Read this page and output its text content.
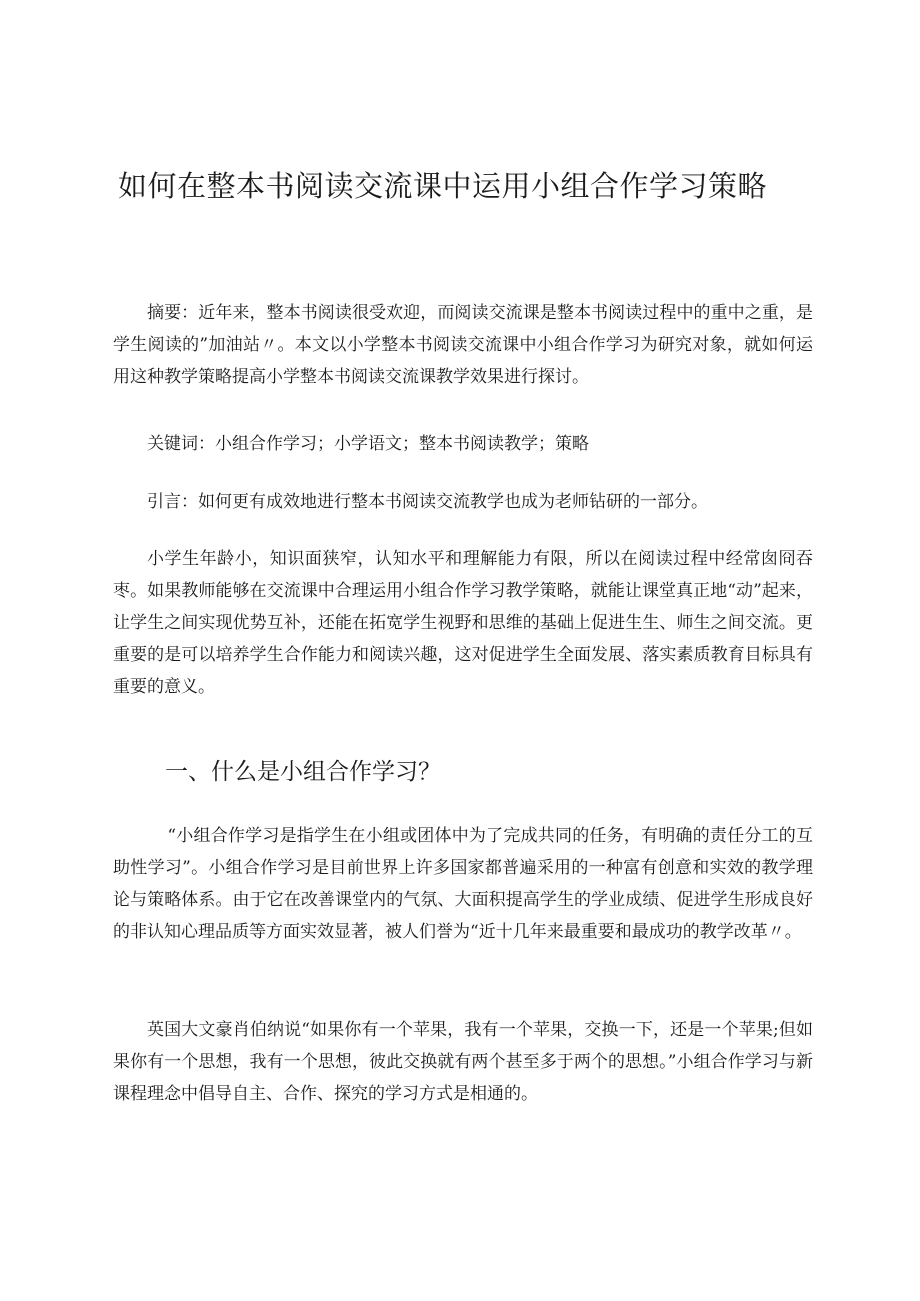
如何在整本书阅读交流课中运用小组合作学习策略

摘要：近年来，整本书阅读很受欢迎，而阅读交流课是整本书阅读过程中的重中之重，是学生阅读的”加油站〃。本文以小学整本书阅读交流课中小组合作学习为研究对象，就如何运用这种教学策略提高小学整本书阅读交流课教学效果进行探讨。

关键词：小组合作学习；小学语文；整本书阅读教学；策略

引言：如何更有成效地进行整本书阅读交流教学也成为老师钻研的一部分。

小学生年龄小，知识面狭窄，认知水平和理解能力有限，所以在阅读过程中经常囱冏吞枣。如果教师能够在交流课中合理运用小组合作学习教学策略，就能让课堂真正地“动”起来，让学生之间实现优势互补，还能在拓宽学生视野和思维的基础上促进生生、师生之间交流。更重要的是可以培养学生合作能力和阅读兴趣，这对促进学生全面发展、落实素质教育目标具有重要的意义。

一、什么是小组合作学习？

“小组合作学习是指学生在小组或团体中为了完成共同的任务，有明确的责任分工的互助性学习”。小组合作学习是目前世界上许多国家都普遍采用的一种富有创意和实效的教学理论与策略体系。由于它在改善课堂内的气氛、大面积提高学生的学业成绩、促进学生形成良好的非认知心理品质等方面实效显著，被人们誉为“近十几年来最重要和最成功的教学改革〃。

英国大文豪肖伯纳说“如果你有一个苹果，我有一个苹果，交换一下，还是一个苹果;但如果你有一个思想，我有一个思想，彼此交换就有两个甚至多于两个的思想。”小组合作学习与新课程理念中倡导自主、合作、探究的学习方式是相通的。
